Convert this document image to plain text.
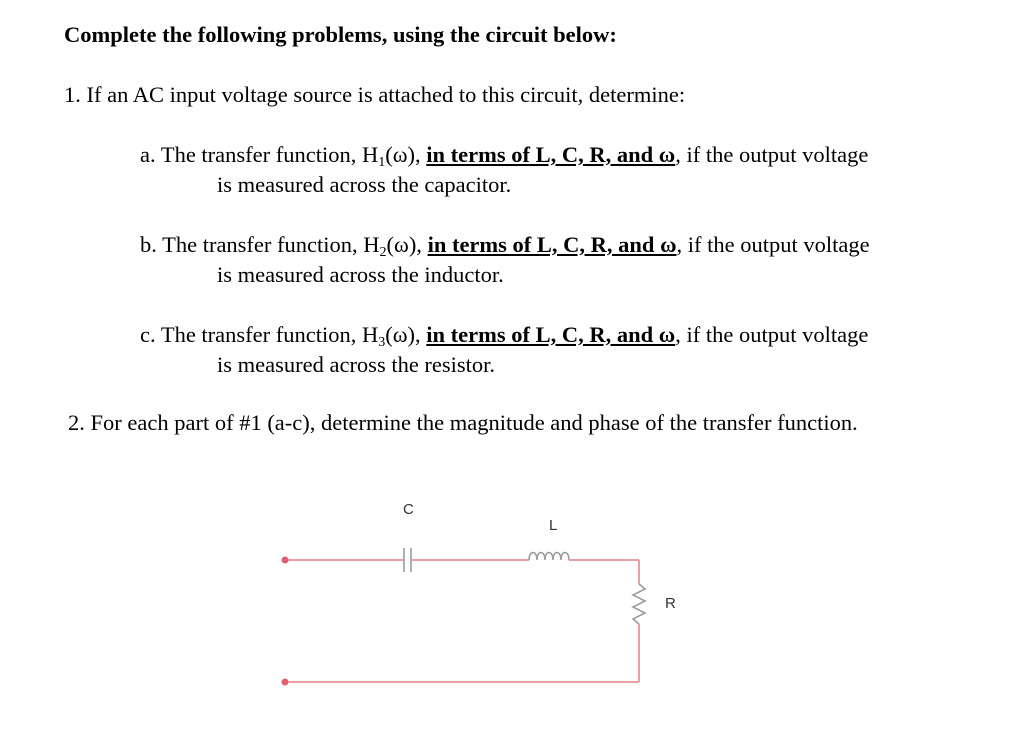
Complete the following problems, using the circuit below:
1. If an AC input voltage source is attached to this circuit, determine:
a. The transfer function, H1(ω), in terms of L, C, R, and ω, if the output voltage
is measured across the capacitor.
b. The transfer function, H2(ω), in terms of L, C, R, and ω, if the output voltage
is measured across the inductor.
c. The transfer function, H3(ω), in terms of L, C, R, and ω, if the output voltage
is measured across the resistor.
2. For each part of #1 (a-c), determine the magnitude and phase of the transfer function.
C
L
R
